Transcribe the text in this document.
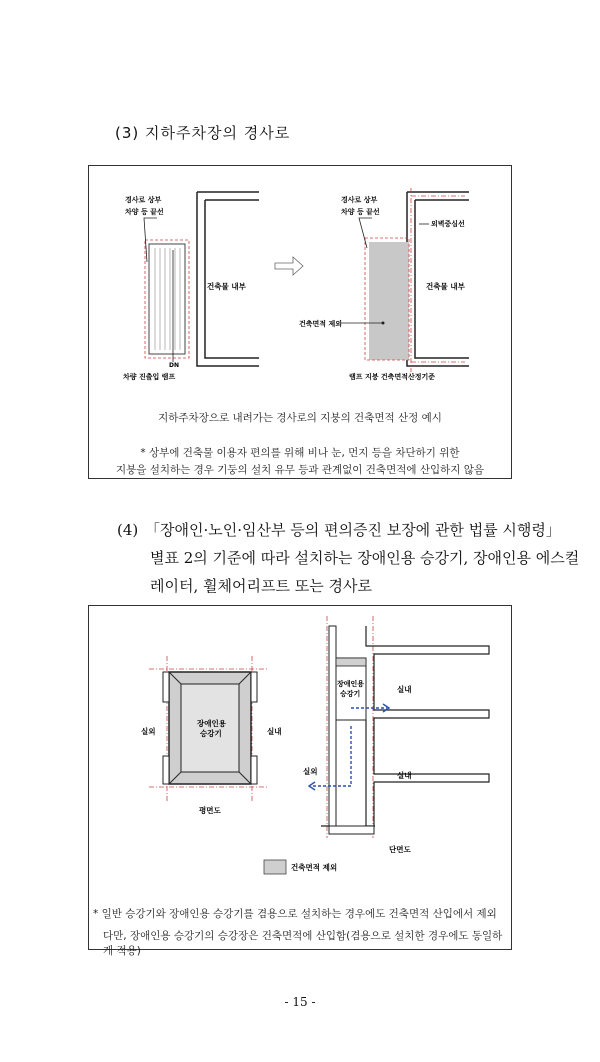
(3) 지하주차장의 경사로
경사로 상부
차양 등 끝선
건축물 내부
DN
차량 진출입 램프
경사로 상부
차양 등 끝선
외벽중심선
건축물 내부
건축면적 제외
램프 지붕 건축면적산정기준
지하주차장으로 내려가는 경사로의 지붕의 건축면적 산정 예시
* 상부에 건축물 이용자 편의를 위해 비나 눈, 먼지 등을 차단하기 위한
지붕을 설치하는 경우 기둥의 설치 유무 등과 관계없이 건축면적에 산입하지 않음
(4) 「장애인·노인·임산부 등의 편의증진 보장에 관한 법률 시행령」
별표 2의 기준에 따라 설치하는 장애인용 승강기, 장애인용 에스컬
레이터, 휠체어리프트 또는 경사로
장애인용
승강기
실외	실내
평면도
장애인용
승강기	실내
실내
실외
단면도
건축면적 제외
* 일반 승강기와 장애인용 승강기를 겸용으로 설치하는 경우에도 건축면적 산입에서 제외
다만, 장애인용 승강기의 승강장은 건축면적에 산입함(겸용으로 설치한 경우에도 동일하게 적용)
- 15 -
